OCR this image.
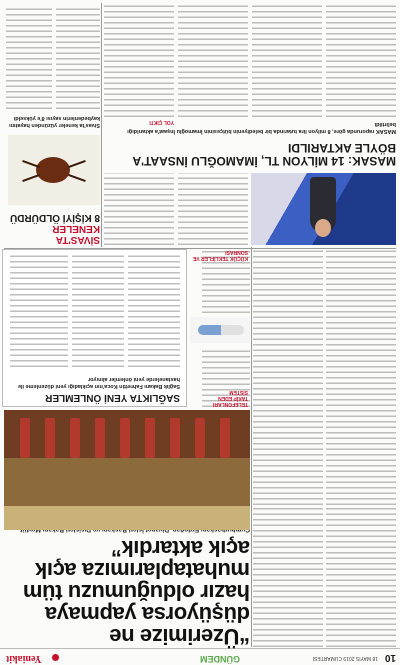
10
18 MAYIS 2019 CUMARTESİ
GÜNDEM
Yeniakit
“Üzerimize ne düşüyorsa yapmaya hazır olduğumuzu tüm muhataplarımıza açık açık aktardık”
SAĞLIKTA YENİ ÖNLEMLER
Sağlık Bakanı Fahrettin Koca'nın açıkladığı yeni düzenleme ile hastanelerde yeni önlemler alınıyor
MASAK: 14 MİLYON TL, İMAMOĞLU İNSAAT'A BÖYLE AKTARILDI
MASAK raporunda göre, 8 milyon lira tutarında bir belediyenin bütçesinin İmamoğlu İnşaat'a aktarıldığı belirtildi
SİVAS'TA KENELER
8 KİŞİYİ ÖLDÜRDÜ
Sivas'ta keneler yüzünden hayatını kaybedenlerin sayısı 8'e yükseldi
TELEFONLARI TAKİP EDEN SİSTEM
KÜÇÜK TEKLİFLER VE SONRASI
YOL ÇIKTI
